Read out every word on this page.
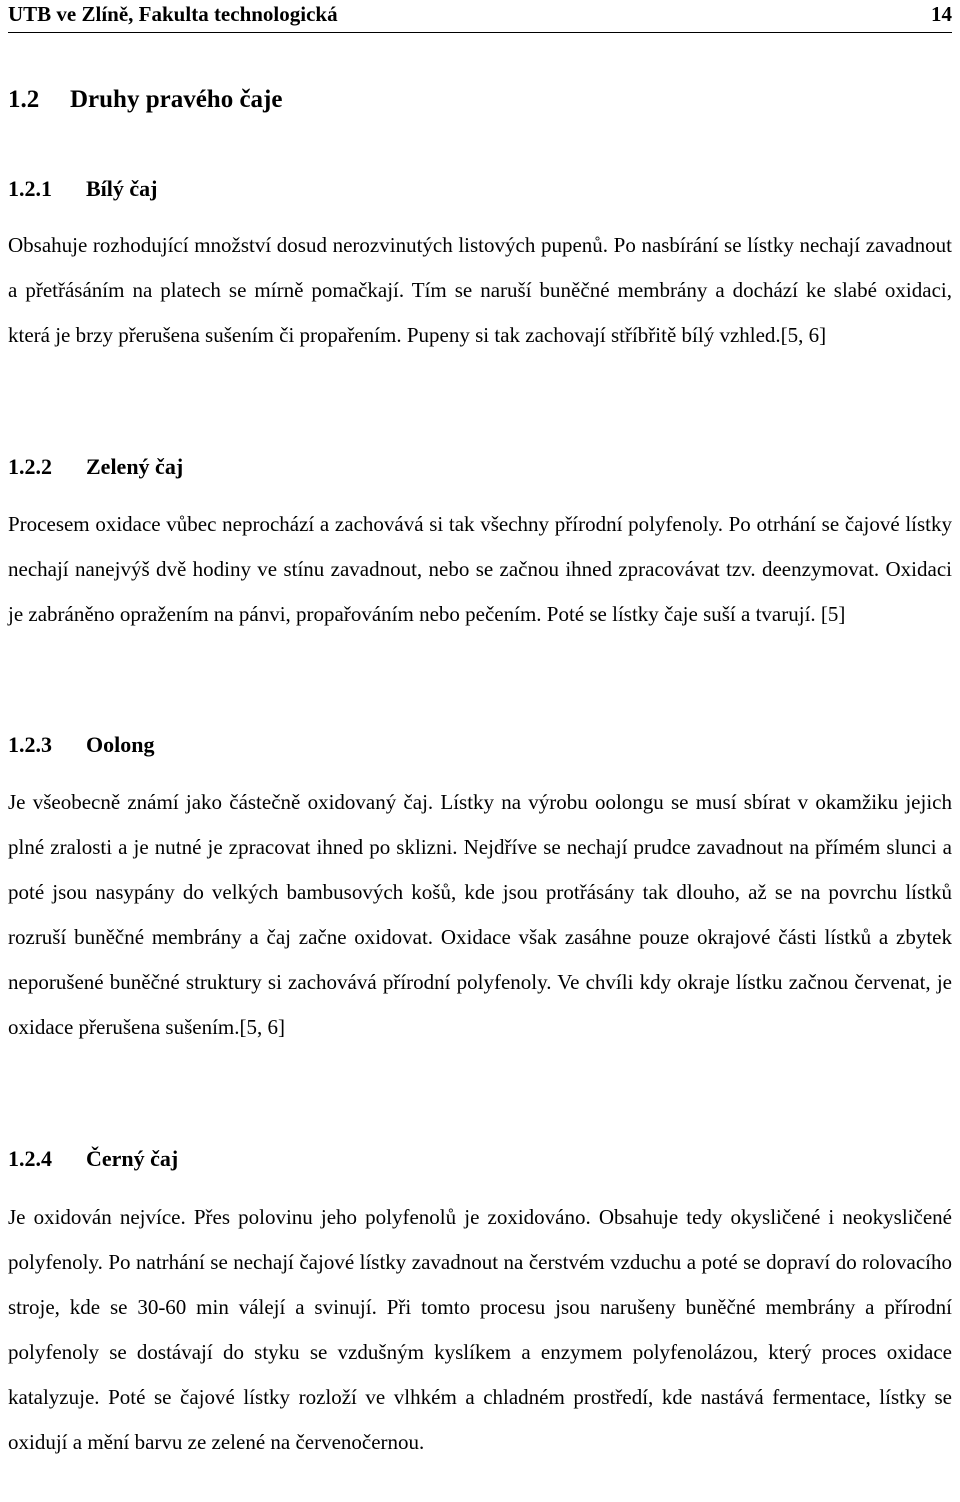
UTB ve Zlíně, Fakulta technologická	14
1.2 Druhy pravého čaje
1.2.1 Bílý čaj

Obsahuje rozhodující množství dosud nerozvinutých listových pupenů. Po nasbírání se lístky nechají zavadnout a přetřásáním na platech se mírně pomačkají. Tím se naruší buněčné membrány a dochází ke slabé oxidaci, která je brzy přerušena sušením či propařením. Pupeny si tak zachovají stříbřitě bílý vzhled.[5, 6]

1.2.2 Zelený čaj

Procesem oxidace vůbec neprochází a zachovává si tak všechny přírodní polyfenoly. Po otrhání se čajové lístky nechají nanejvýš dvě hodiny ve stínu zavadnout, nebo se začnou ihned zpracovávat tzv. deenzymovat. Oxidaci je zabráněno opražením na pánvi, propařováním nebo pečením. Poté se lístky čaje suší a tvarují. [5]

1.2.3 Oolong

Je všeobecně známí jako částečně oxidovaný čaj. Lístky na výrobu oolongu se musí sbírat v okamžiku jejich plné zralosti a je nutné je zpracovat ihned po sklizni. Nejdříve se nechají prudce zavadnout na přímém slunci a poté jsou nasypány do velkých bambusových košů, kde jsou protřásány tak dlouho, až se na povrchu lístků rozruší buněčné membrány a čaj začne oxidovat. Oxidace však zasáhne pouze okrajové části lístků a zbytek neporušené buněčné struktury si zachovává přírodní polyfenoly. Ve chvíli kdy okraje lístku začnou červenat, je oxidace přerušena sušením.[5, 6]

1.2.4 Černý čaj

Je oxidován nejvíce. Přes polovinu jeho polyfenolů je zoxidováno. Obsahuje tedy okysličené i neokysličené polyfenoly. Po natrhání se nechají čajové lístky zavadnout na čerstvém vzduchu a poté se dopraví do rolovacího stroje, kde se 30-60 min válejí a svinují. Při tomto procesu jsou narušeny buněčné membrány a přírodní polyfenoly se dostávají do styku se vzdušným kyslíkem a enzymem polyfenolázou, který proces oxidace katalyzuje. Poté se čajové lístky rozloží ve vlhkém a chladném prostředí, kde nastává fermentace, lístky se oxidují a mění barvu ze zelené na červenočernou.
